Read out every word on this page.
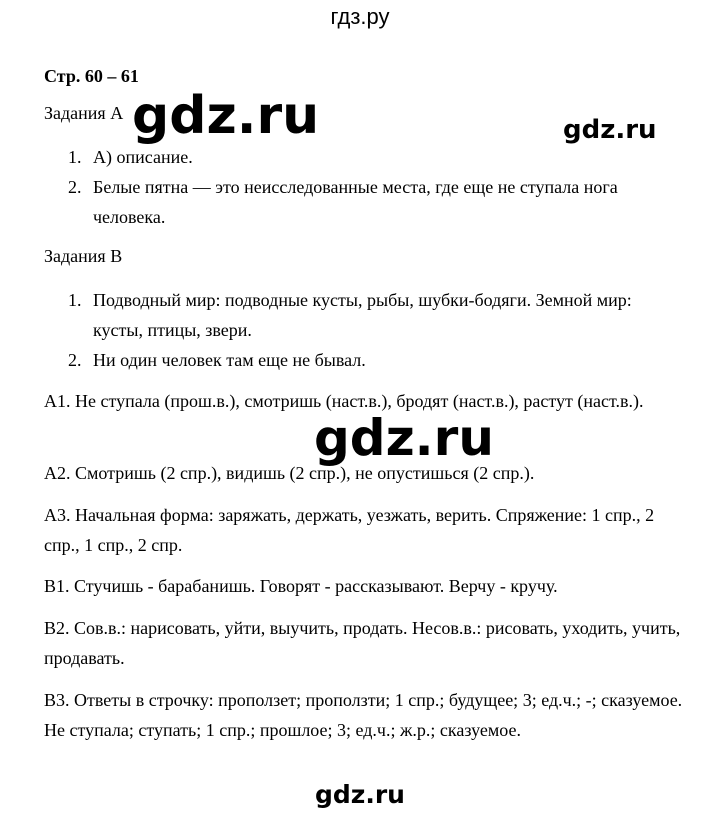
гдз.ру
Стр. 60 – 61
Задания А gdz.ru	gdz.ru
gdz.ru
gdz.ru
1. А) описание.
2. Белые пятна — это неисследованные места, где еще не ступала нога человека.
Задания В
1. Подводный мир: подводные кусты, рыбы, шубки-бодяги. Земной мир: кусты, птицы, звери.
2. Ни один человек там еще не бывал.
А1. Не ступала (прош.в.), смотришь (наст.в.), бродят (наст.в.), растут (наст.в.).
А2. Смотришь (2 спр.), видишь (2 спр.), не опустишься (2 спр.).
А3. Начальная форма: заряжать, держать, уезжать, верить. Спряжение: 1 спр., 2 спр., 1 спр., 2 спр.
В1. Стучишь - барабанишь. Говорят - рассказывают. Верчу - кручу.
В2. Сов.в.: нарисовать, уйти, выучить, продать. Несов.в.: рисовать, уходить, учить, продавать.
В3. Ответы в строчку: проползет; проползти; 1 спр.; будущее; 3; ед.ч.; -; сказуемое. Не ступала; ступать; 1 спр.; прошлое; 3; ед.ч.; ж.р.; сказуемое.
